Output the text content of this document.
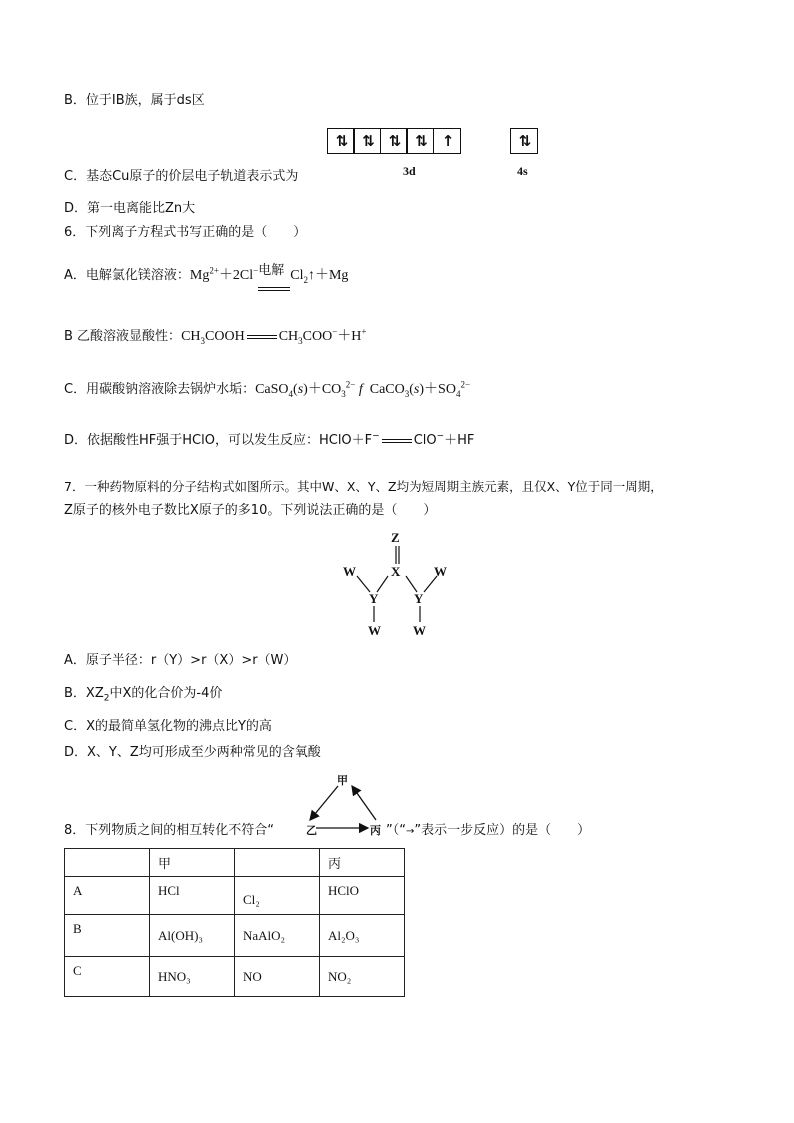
B．位于ⅠB族，属于ds区
⇅	⇅	⇅	⇅	↑	⇅
3d	4s
C．基态Cu原子的价层电子轨道表示式为
D．第一电离能比Zn大
6．下列离子方程式书写正确的是（　　）
A．电解氯化镁溶液：$Mg^{2+}+2Cl^-$ 电解 $Cl_2↑+Mg$
B 乙酸溶液显酸性：$CH_3COOH$ $CH_3COO^-+H^+$
C．用碳酸钠溶液除去锅炉水垢：$CaSO_4(s)+CO_3^{2-}$ f  $CaCO_3(s)+SO_4^{2-}$
D．依据酸性HF强于HClO，可以发生反应：HClO＋F−	ClO−＋HF
7．一种药物原料的分子结构式如图所示。其中W、X、Y、Z均为短周期主族元素，且仅X、Y位于同一周期，
Z原子的核外电子数比X原子的多10。下列说法正确的是（　　）
Z
X
W	W
Y	Y
W W
A．原子半径：r（Y）>r（X）>r（W）
B．$XZ_2$中X的化合价为-4价
C．X的最简单氢化物的沸点比Y的高
D．X、Y、Z均可形成至少两种常见的含氧酸
甲
乙	丙
8．下列物质之间的相互转化不符合“	”（“→”表示一步反应）的是（　　）
	甲		丙
A	HCl	Cl₂	HClO
B	Al(OH)₃	NaAlO₂	Al₂O₃
C	HNO₃	NO	NO₂
